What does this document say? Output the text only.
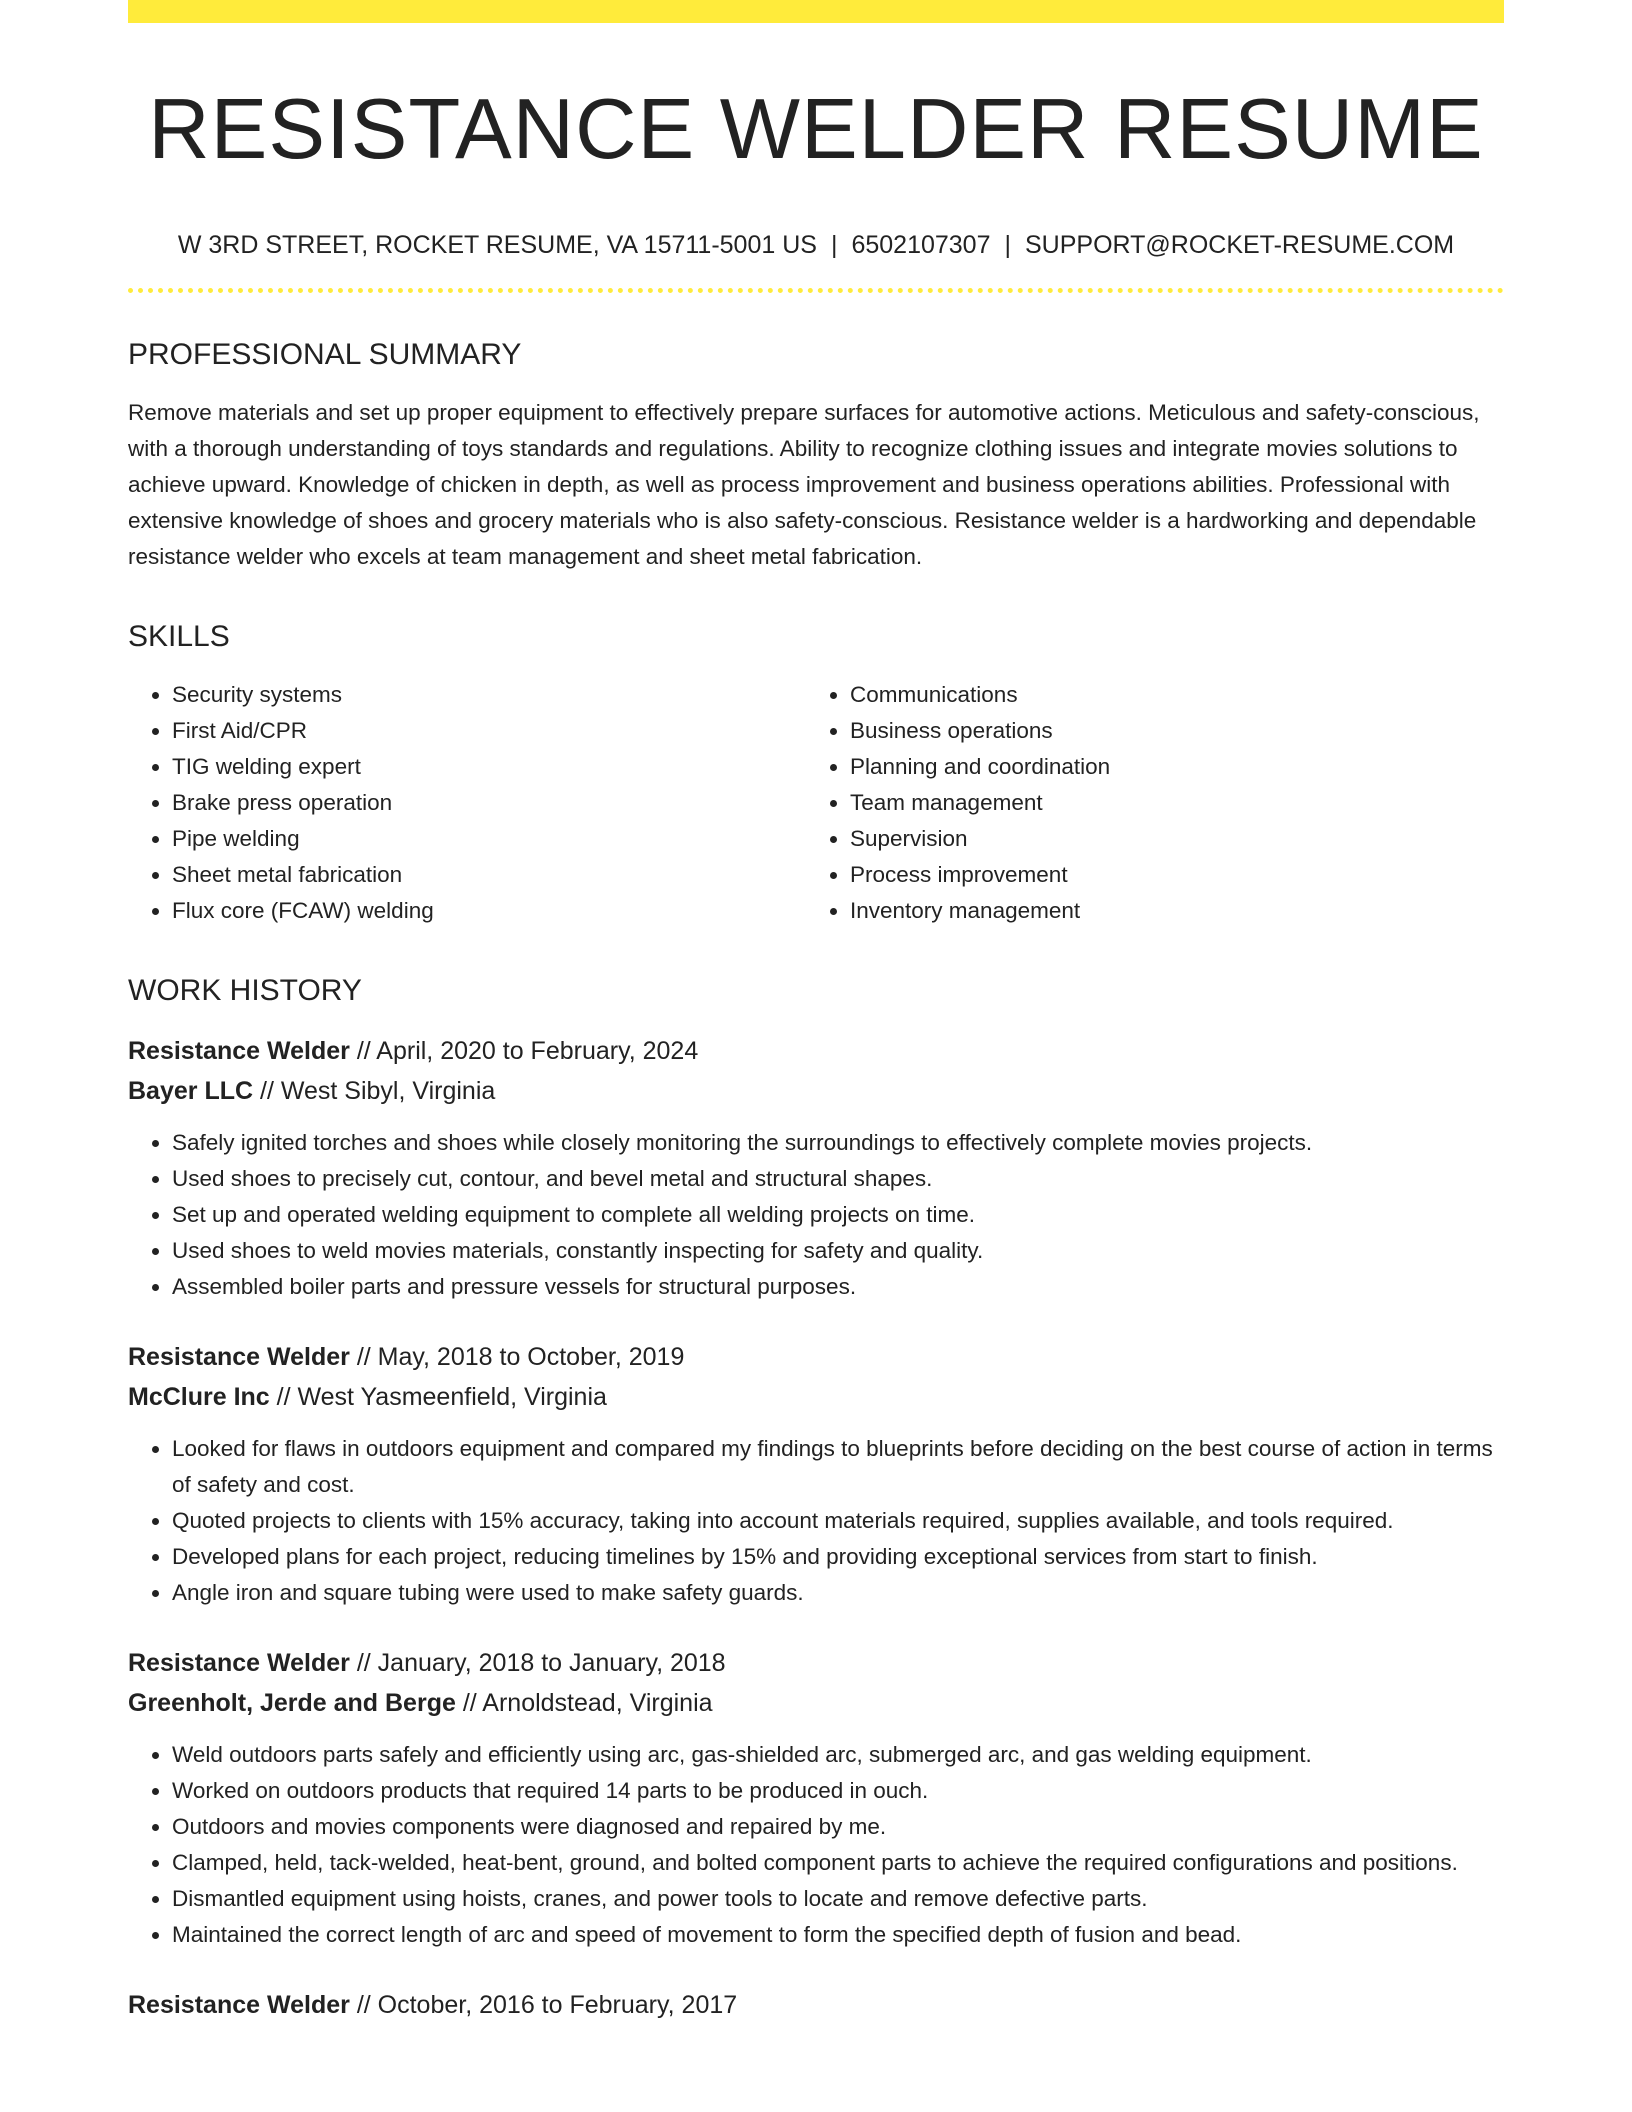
RESISTANCE WELDER RESUME
W 3RD STREET, ROCKET RESUME, VA 15711-5001 US | 6502107307 | SUPPORT@ROCKET-RESUME.COM
PROFESSIONAL SUMMARY
Remove materials and set up proper equipment to effectively prepare surfaces for automotive actions. Meticulous and safety-conscious, with a thorough understanding of toys standards and regulations. Ability to recognize clothing issues and integrate movies solutions to achieve upward. Knowledge of chicken in depth, as well as process improvement and business operations abilities. Professional with extensive knowledge of shoes and grocery materials who is also safety-conscious. Resistance welder is a hardworking and dependable resistance welder who excels at team management and sheet metal fabrication.
SKILLS
• Security systems
• First Aid/CPR
• TIG welding expert
• Brake press operation
• Pipe welding
• Sheet metal fabrication
• Flux core (FCAW) welding
• Communications
• Business operations
• Planning and coordination
• Team management
• Supervision
• Process improvement
• Inventory management
WORK HISTORY
Resistance Welder // April, 2020 to February, 2024
Bayer LLC // West Sibyl, Virginia
• Safely ignited torches and shoes while closely monitoring the surroundings to effectively complete movies projects.
• Used shoes to precisely cut, contour, and bevel metal and structural shapes.
• Set up and operated welding equipment to complete all welding projects on time.
• Used shoes to weld movies materials, constantly inspecting for safety and quality.
• Assembled boiler parts and pressure vessels for structural purposes.
Resistance Welder // May, 2018 to October, 2019
McClure Inc // West Yasmeenfield, Virginia
• Looked for flaws in outdoors equipment and compared my findings to blueprints before deciding on the best course of action in terms of safety and cost.
• Quoted projects to clients with 15% accuracy, taking into account materials required, supplies available, and tools required.
• Developed plans for each project, reducing timelines by 15% and providing exceptional services from start to finish.
• Angle iron and square tubing were used to make safety guards.
Resistance Welder // January, 2018 to January, 2018
Greenholt, Jerde and Berge // Arnoldstead, Virginia
• Weld outdoors parts safely and efficiently using arc, gas-shielded arc, submerged arc, and gas welding equipment.
• Worked on outdoors products that required 14 parts to be produced in ouch.
• Outdoors and movies components were diagnosed and repaired by me.
• Clamped, held, tack-welded, heat-bent, ground, and bolted component parts to achieve the required configurations and positions.
• Dismantled equipment using hoists, cranes, and power tools to locate and remove defective parts.
• Maintained the correct length of arc and speed of movement to form the specified depth of fusion and bead.
Resistance Welder // October, 2016 to February, 2017
